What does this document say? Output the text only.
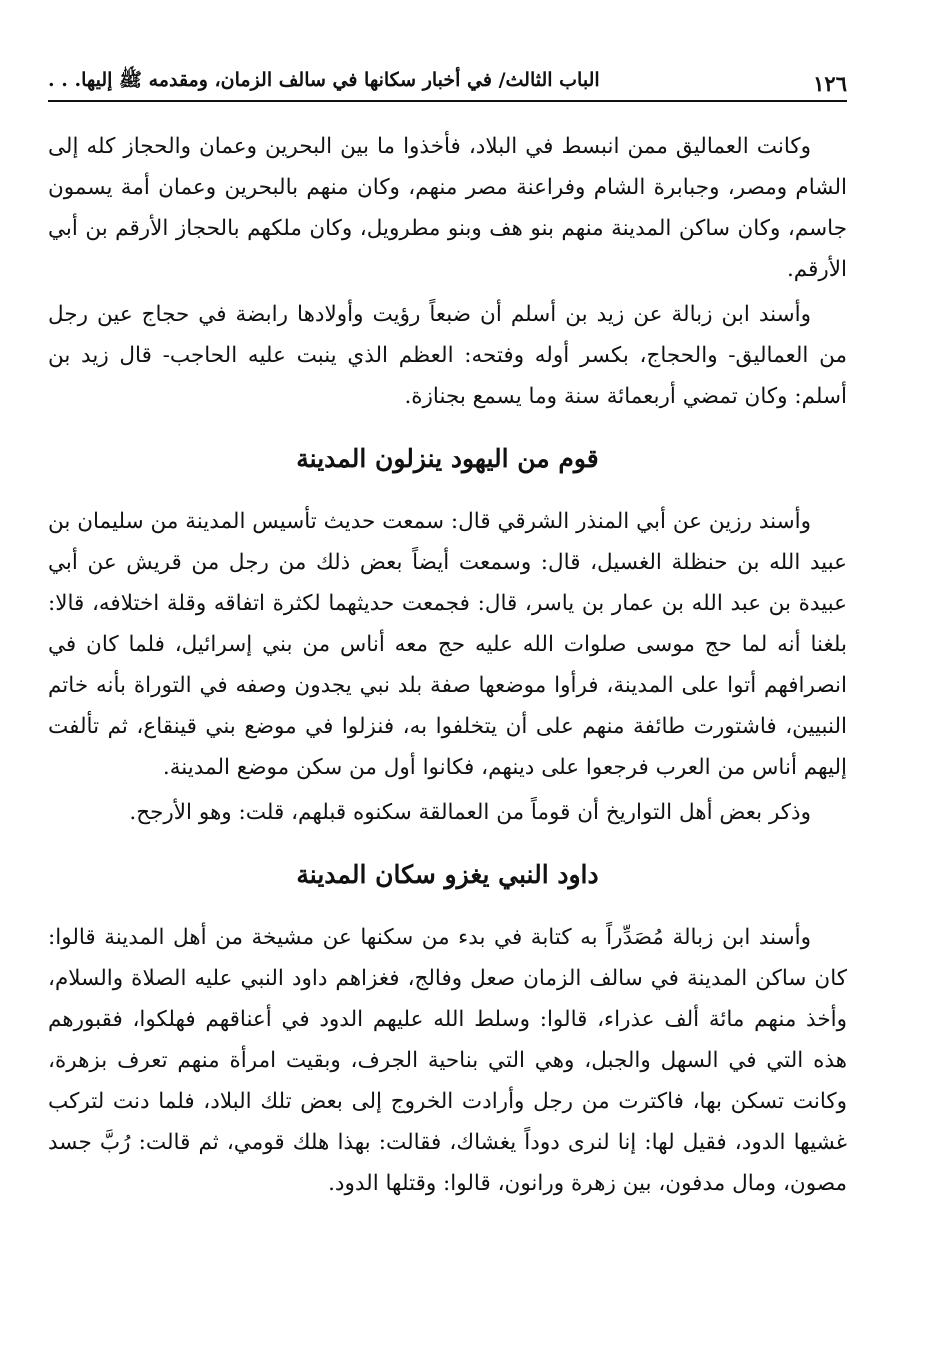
١٢٦
الباب الثالث/ في أخبار سكانها في سالف الزمان، ومقدمه ﷺ إليها. . .

وكانت العماليق ممن انبسط في البلاد، فأخذوا ما بين البحرين وعمان والحجاز كله إلى الشام ومصر، وجبابرة الشام وفراعنة مصر منهم، وكان منهم بالبحرين وعمان أمة يسمون جاسم، وكان ساكن المدينة منهم بنو هف وبنو مطرويل، وكان ملكهم بالحجاز الأرقم بن أبي الأرقم.

وأسند ابن زبالة عن زيد بن أسلم أن ضبعاً رؤيت وأولادها رابضة في حجاج عين رجل من العماليق- والحجاج، بكسر أوله وفتحه: العظم الذي ينبت عليه الحاجب- قال زيد بن أسلم: وكان تمضي أربعمائة سنة وما يسمع بجنازة.

قوم من اليهود ينزلون المدينة

وأسند رزين عن أبي المنذر الشرقي قال: سمعت حديث تأسيس المدينة من سليمان بن عبيد الله بن حنظلة الغسيل، قال: وسمعت أيضاً بعض ذلك من رجل من قريش عن أبي عبيدة بن عبد الله بن عمار بن ياسر، قال: فجمعت حديثهما لكثرة اتفاقه وقلة اختلافه، قالا: بلغنا أنه لما حج موسى صلوات الله عليه حج معه أناس من بني إسرائيل، فلما كان في انصرافهم أتوا على المدينة، فرأوا موضعها صفة بلد نبي يجدون وصفه في التوراة بأنه خاتم النبيين، فاشتورت طائفة منهم على أن يتخلفوا به، فنزلوا في موضع بني قينقاع، ثم تألفت إليهم أناس من العرب فرجعوا على دينهم، فكانوا أول من سكن موضع المدينة.

وذكر بعض أهل التواريخ أن قوماً من العمالقة سكنوه قبلهم، قلت: وهو الأرجح.

داود النبي يغزو سكان المدينة

وأسند ابن زبالة مُصَدِّراً به كتابة في بدء من سكنها عن مشيخة من أهل المدينة قالوا: كان ساكن المدينة في سالف الزمان صعل وفالج، فغزاهم داود النبي عليه الصلاة والسلام، وأخذ منهم مائة ألف عذراء، قالوا: وسلط الله عليهم الدود في أعناقهم فهلكوا، فقبورهم هذه التي في السهل والجبل، وهي التي بناحية الجرف، وبقيت امرأة منهم تعرف بزهرة، وكانت تسكن بها، فاكترت من رجل وأرادت الخروج إلى بعض تلك البلاد، فلما دنت لتركب غشيها الدود، فقيل لها: إنا لنرى دوداً يغشاك، فقالت: بهذا هلك قومي، ثم قالت: رُبَّ جسد مصون، ومال مدفون، بين زهرة ورانون، قالوا: وقتلها الدود.
